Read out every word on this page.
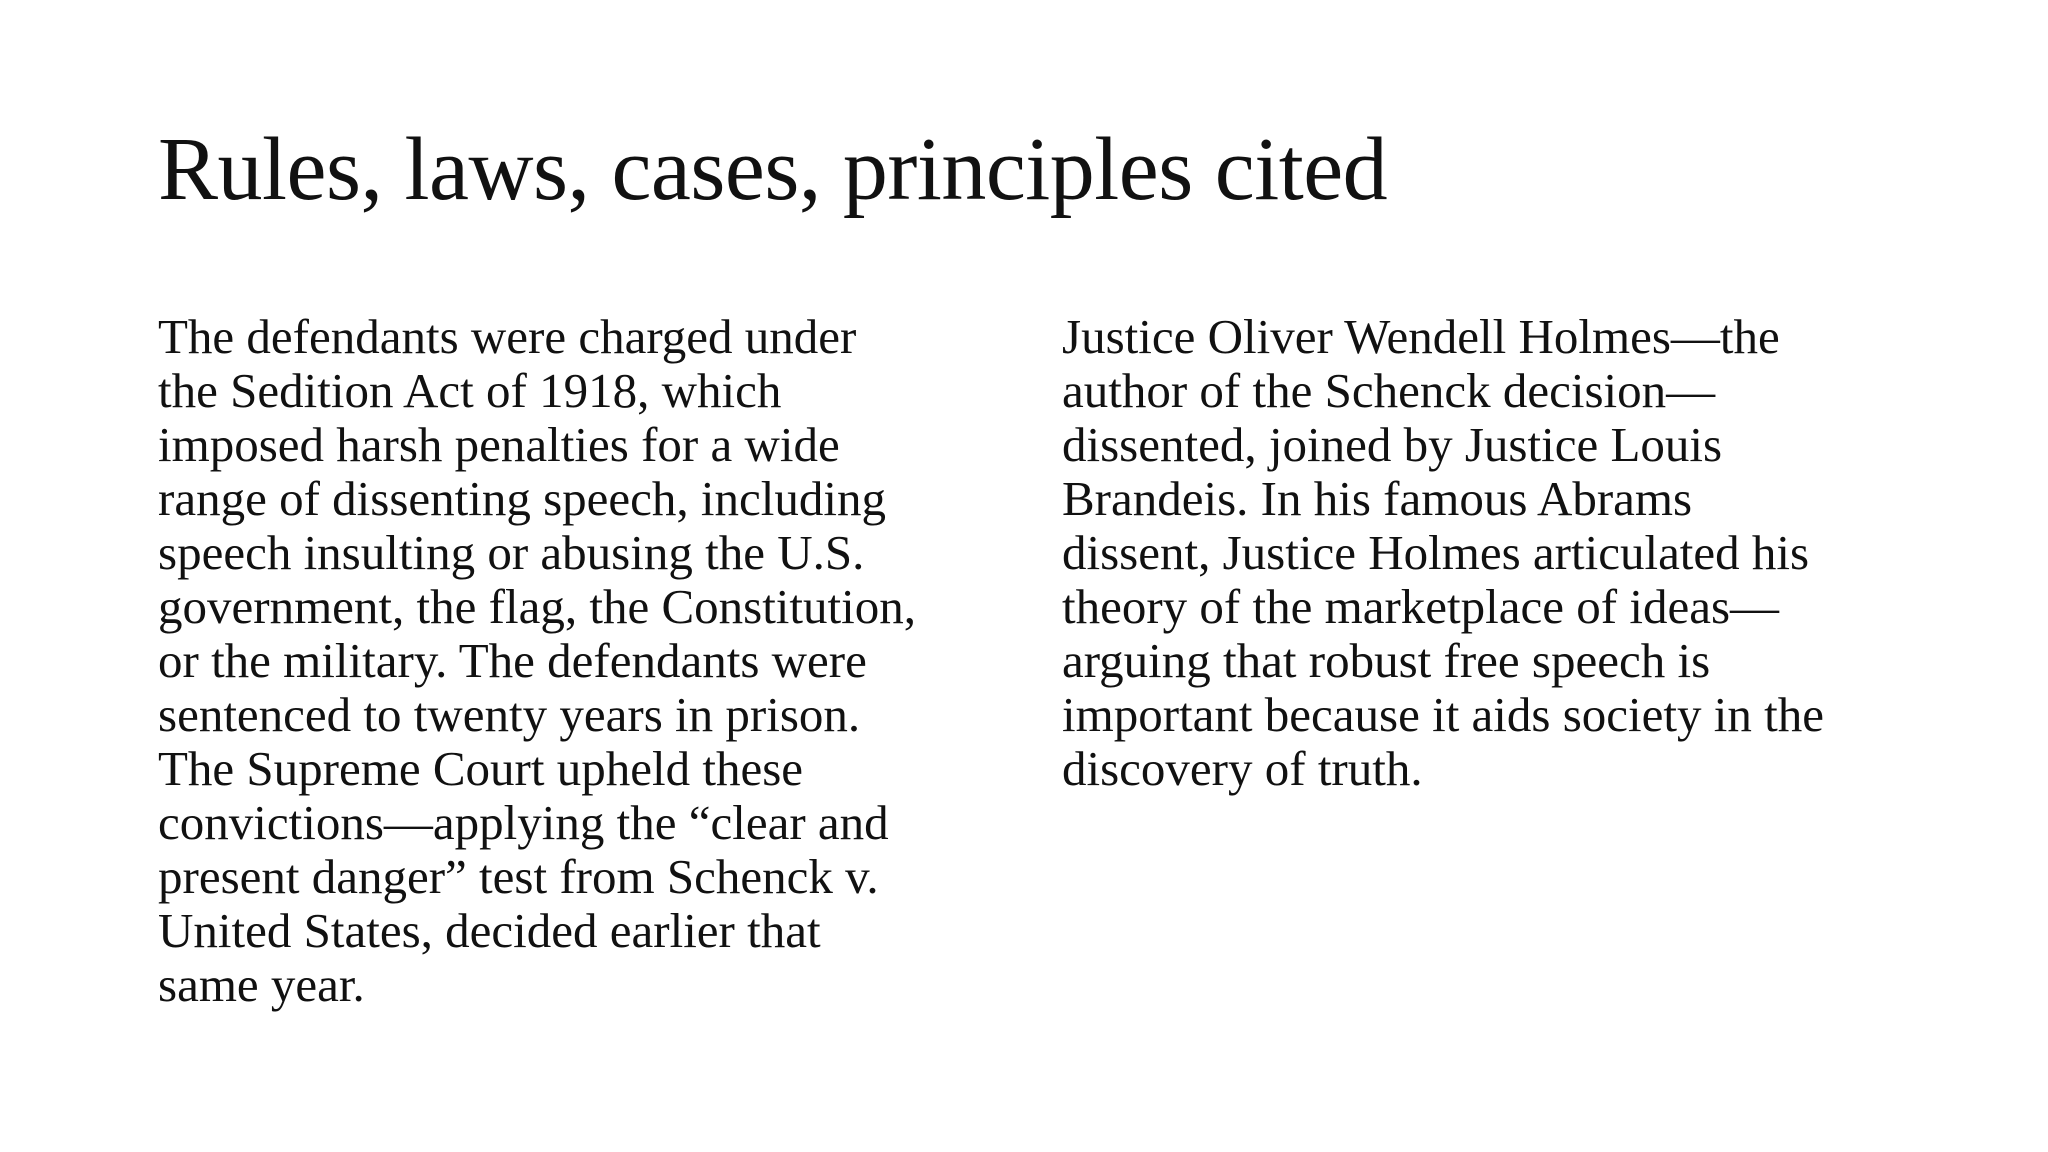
Rules, laws, cases, principles cited
The defendants were charged under
the Sedition Act of 1918, which
imposed harsh penalties for a wide
range of dissenting speech, including
speech insulting or abusing the U.S.
government, the flag, the Constitution,
or the military. The defendants were
sentenced to twenty years in prison.
The Supreme Court upheld these
convictions—applying the “clear and
present danger” test from Schenck v.
United States, decided earlier that
same year.
Justice Oliver Wendell Holmes—the
author of the Schenck decision—
dissented, joined by Justice Louis
Brandeis. In his famous Abrams
dissent, Justice Holmes articulated his
theory of the marketplace of ideas—
arguing that robust free speech is
important because it aids society in the
discovery of truth.
